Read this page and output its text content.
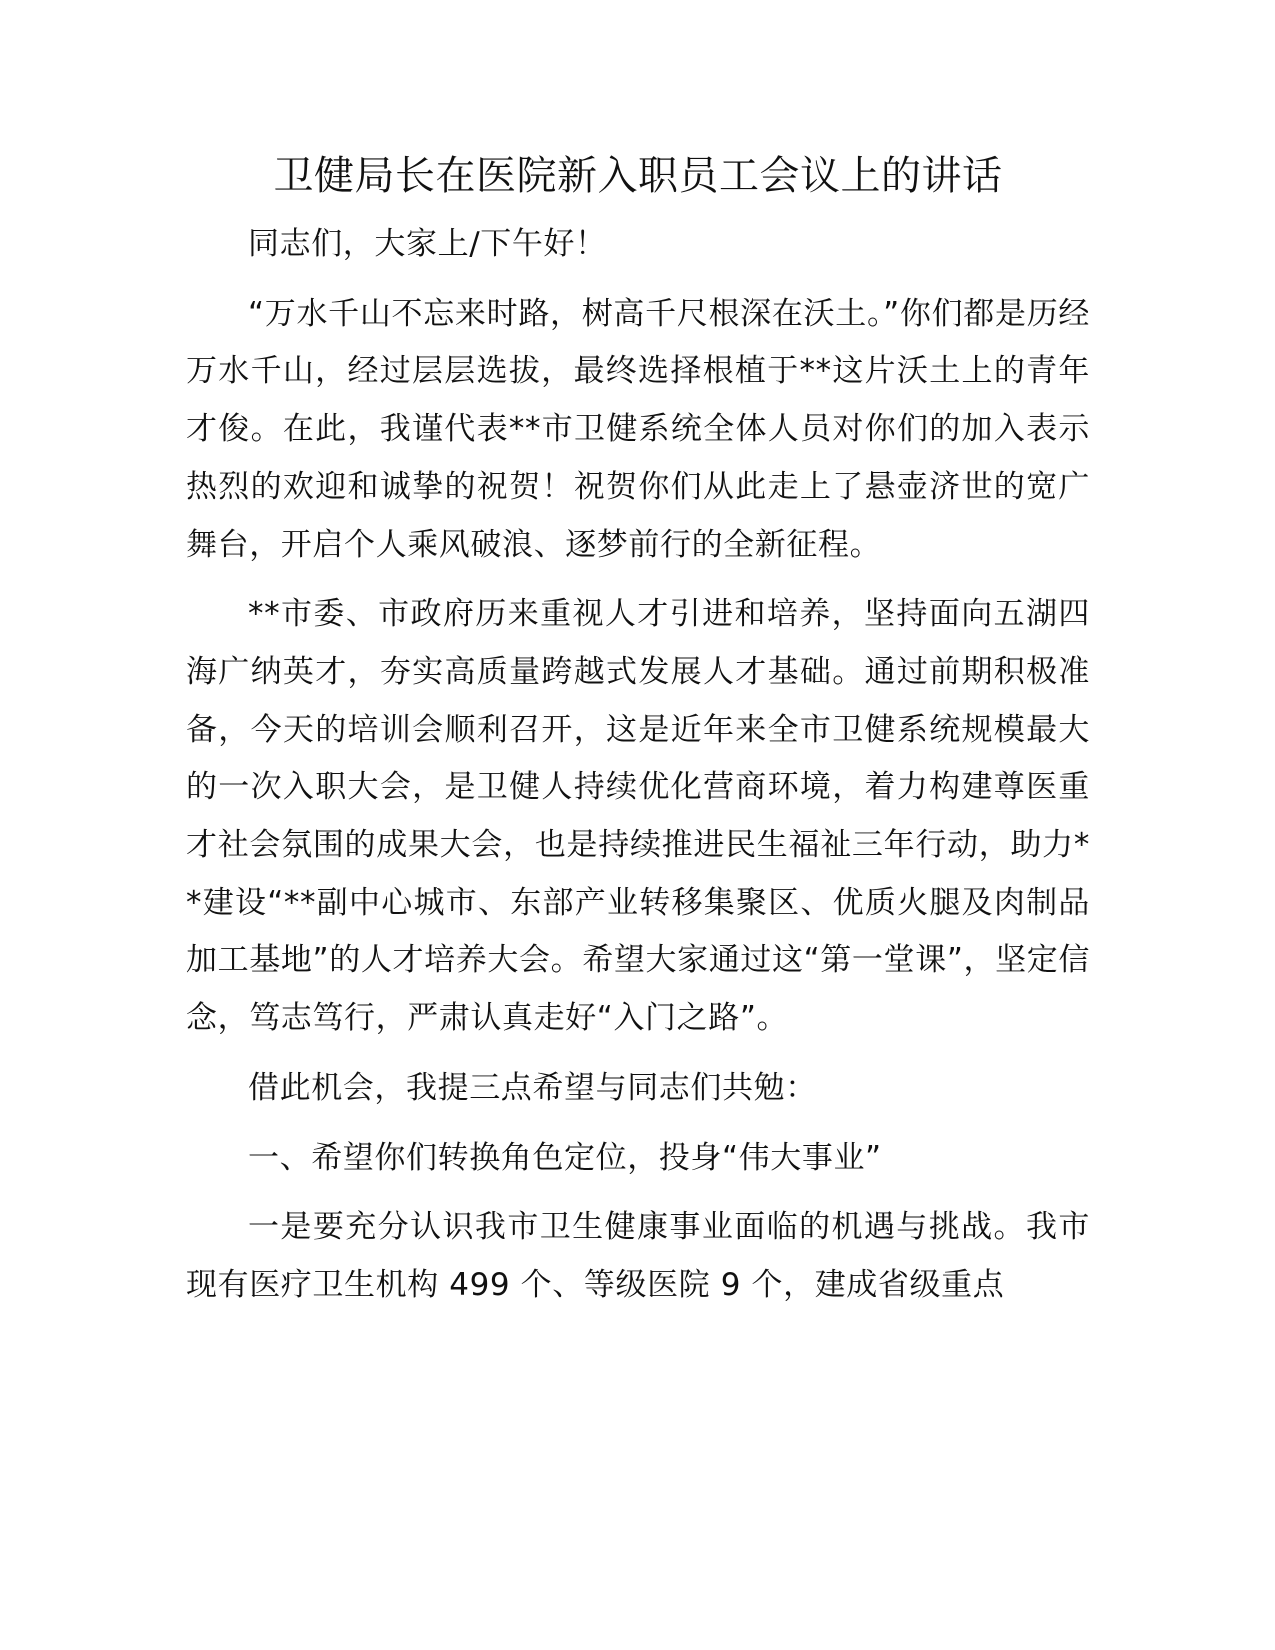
卫健局长在医院新入职员工会议上的讲话

同志们，大家上/下午好！

“万水千山不忘来时路，树高千尺根深在沃土。”你们都是历经万水千山，经过层层选拔，最终选择根植于**这片沃土上的青年才俊。在此，我谨代表**市卫健系统全体人员对你们的加入表示热烈的欢迎和诚挚的祝贺！祝贺你们从此走上了悬壶济世的宽广舞台，开启个人乘风破浪、逐梦前行的全新征程。

**市委、市政府历来重视人才引进和培养，坚持面向五湖四海广纳英才，夯实高质量跨越式发展人才基础。通过前期积极准备，今天的培训会顺利召开，这是近年来全市卫健系统规模最大的一次入职大会，是卫健人持续优化营商环境，着力构建尊医重才社会氛围的成果大会，也是持续推进民生福祉三年行动，助力**建设“**副中心城市、东部产业转移集聚区、优质火腿及肉制品加工基地”的人才培养大会。希望大家通过这“第一堂课”，坚定信念，笃志笃行，严肃认真走好“入门之路”。

借此机会，我提三点希望与同志们共勉：

一、希望你们转换角色定位，投身“伟大事业”

一是要充分认识我市卫生健康事业面临的机遇与挑战。我市现有医疗卫生机构 499 个、等级医院 9 个，建成省级重点
